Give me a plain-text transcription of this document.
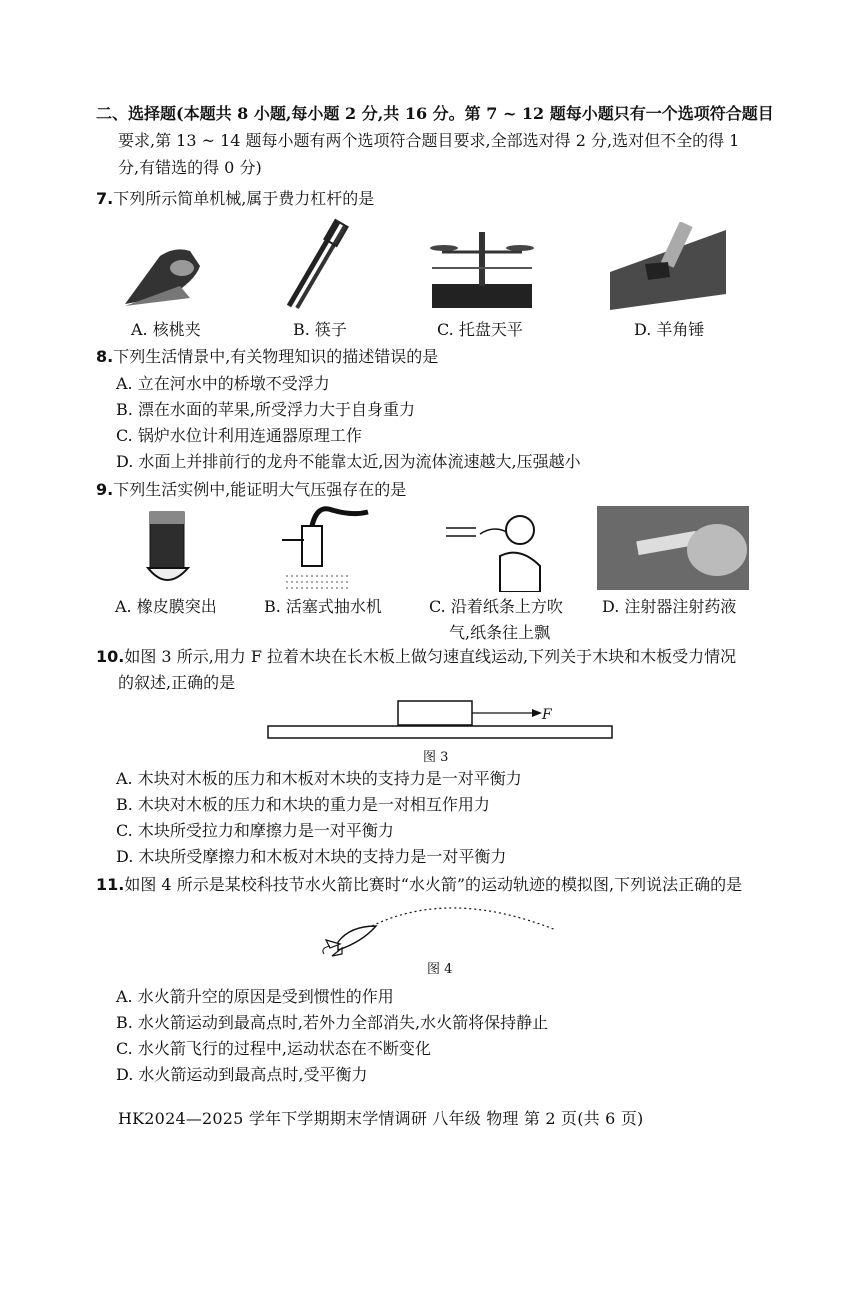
二、选择题(本题共 8 小题,每小题 2 分,共 16 分。第 7 ~ 12 题每小题只有一个选项符合题目
要求,第 13 ~ 14 题每小题有两个选项符合题目要求,全部选对得 2 分,选对但不全的得 1
分,有错选的得 0 分)
7.下列所示简单机械,属于费力杠杆的是
A. 核桃夹	B. 筷子	C. 托盘天平	D. 羊角锤
8.下列生活情景中,有关物理知识的描述错误的是
A. 立在河水中的桥墩不受浮力
B. 漂在水面的苹果,所受浮力大于自身重力
C. 锅炉水位计利用连通器原理工作
D. 水面上并排前行的龙舟不能靠太近,因为流体流速越大,压强越小
9.下列生活实例中,能证明大气压强存在的是
A. 橡皮膜突出	B. 活塞式抽水机	C. 沿着纸条上方吹
气,纸条往上飘
D. 注射器注射药液
10.如图 3 所示,用力 F 拉着木块在长木板上做匀速直线运动,下列关于木块和木板受力情况
的叙述,正确的是
F
图 3
A. 木块对木板的压力和木板对木块的支持力是一对平衡力
B. 木块对木板的压力和木块的重力是一对相互作用力
C. 木块所受拉力和摩擦力是一对平衡力
D. 木块所受摩擦力和木板对木块的支持力是一对平衡力
11.如图 4 所示是某校科技节水火箭比赛时“水火箭”的运动轨迹的模拟图,下列说法正确的是
图 4
A. 水火箭升空的原因是受到惯性的作用
B. 水火箭运动到最高点时,若外力全部消失,水火箭将保持静止
C. 水火箭飞行的过程中,运动状态在不断变化
D. 水火箭运动到最高点时,受平衡力
HK2024—2025 学年下学期期末学情调研 八年级 物理 第 2 页(共 6 页)
